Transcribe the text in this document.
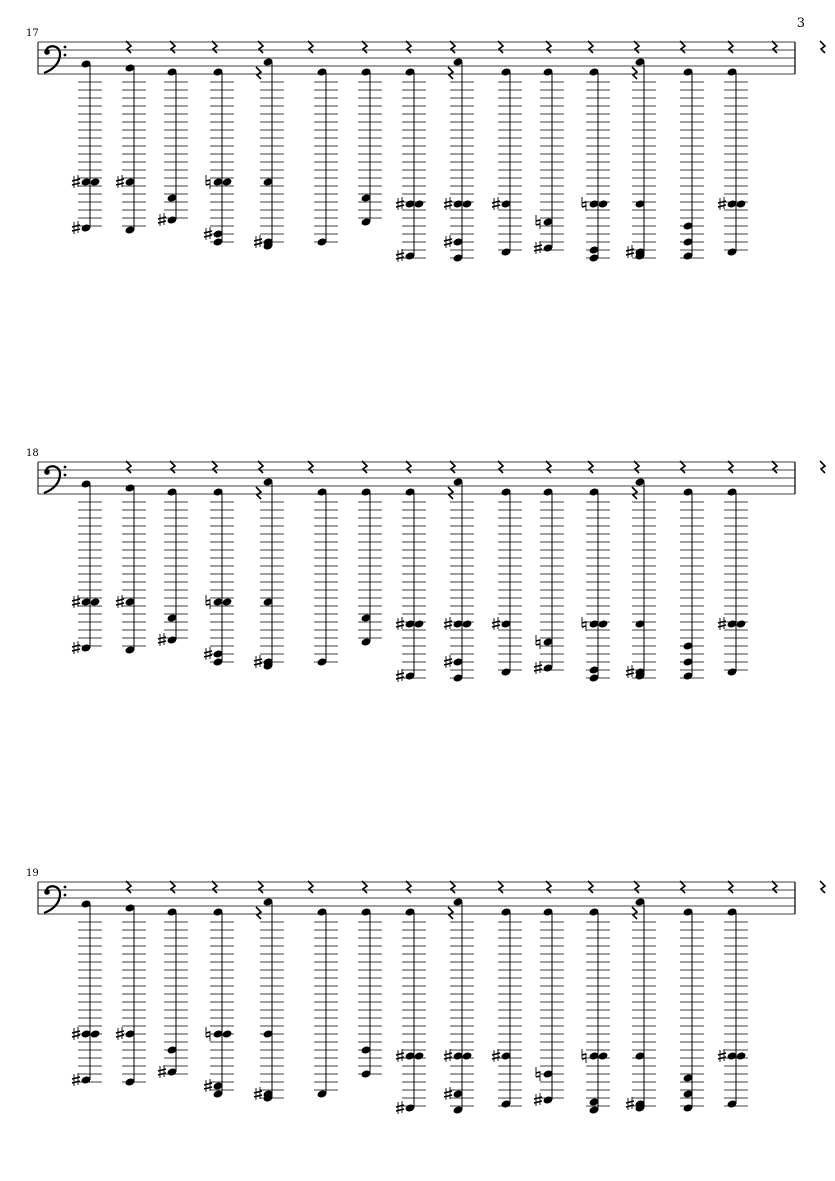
3
17
18
19
